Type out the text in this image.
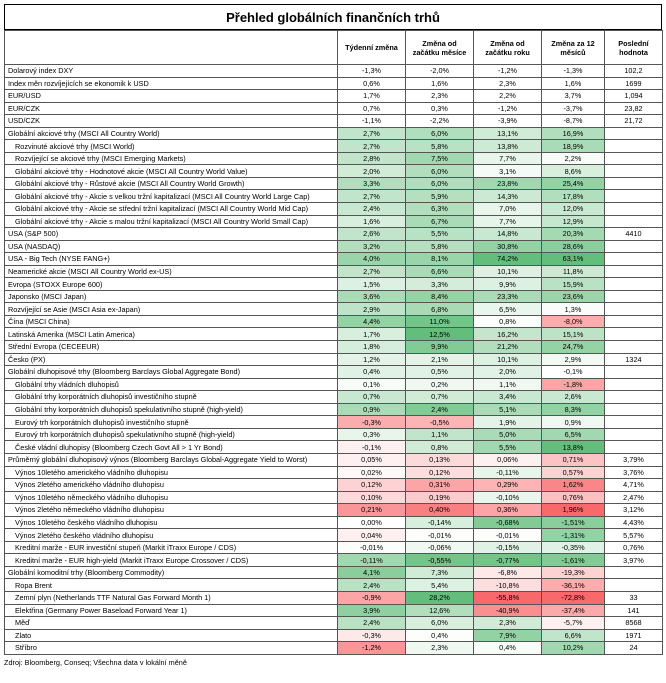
Přehled globálních finančních trhů
	Týdenní změna	Změna od začátku měsíce	Změna od začátku roku	Změna za 12 měsíců	Poslední hodnota
Dolarový index DXY	-1,3%	-2,0%	-1,2%	-1,3%	102,2
Index měn rozvíjejících se ekonomik k USD	0,6%	1,6%	2,3%	1,6%	1699
EUR/USD	1,7%	2,3%	2,2%	3,7%	1,094
EUR/CZK	0,7%	0,3%	-1,2%	-3,7%	23,82
USD/CZK	-1,1%	-2,2%	-3,9%	-8,7%	21,72
Globální akciové trhy (MSCI All Country World)	2,7%	6,0%	13,1%	16,9%	
Rozvinuté akciové trhy (MSCI World)	2,7%	5,8%	13,8%	18,9%	
Rozvíjející se akciové trhy (MSCI Emerging Markets)	2,8%	7,5%	7,7%	2,2%	
Globální akciové trhy - Hodnotové akcie (MSCI All Country World Value)	2,0%	6,0%	3,1%	8,6%	
Globální akciové trhy - Růstové akcie (MSCI All Country World Growth)	3,3%	6,0%	23,8%	25,4%	
Globální akciové trhy - Akcie s velkou tržní kapitalizací (MSCI All Country World Large Cap)	2,7%	5,9%	14,3%	17,8%	
Globální akciové trhy - Akcie se střední tržní kapitalizací (MSCI All Country World Mid Cap)	2,4%	6,3%	7,0%	12,0%	
Globální akciové trhy - Akcie s malou tržní kapitalizací (MSCI All Country World Small Cap)	1,6%	6,7%	7,7%	12,9%	
USA (S&P 500)	2,6%	5,5%	14,8%	20,3%	4410
USA (NASDAQ)	3,2%	5,8%	30,8%	28,6%	
USA - Big Tech (NYSE FANG+)	4,0%	8,1%	74,2%	63,1%	
Neamerické akcie (MSCI All Country World ex-US)	2,7%	6,6%	10,1%	11,8%	
Evropa (STOXX Europe 600)	1,5%	3,3%	9,9%	15,9%	
Japonsko (MSCI Japan)	3,6%	8,4%	23,3%	23,6%	
Rozvíjející se Asie (MSCI Asia ex-Japan)	2,9%	6,8%	6,5%	1,3%	
Čína (MSCI China)	4,4%	11,0%	0,8%	-8,0%	
Latinská Amerika (MSCI Latin America)	1,7%	12,5%	16,2%	15,1%	
Střední Evropa (CECEEUR)	1,8%	9,9%	21,2%	24,7%	
Česko (PX)	1,2%	2,1%	10,1%	2,9%	1324
Globální dluhopisové trhy (Bloomberg Barclays Global Aggregate Bond)	0,4%	0,5%	2,0%	-0,1%	
Globální trhy vládních dluhopisů	0,1%	0,2%	1,1%	-1,8%	
Globální trhy korporátních dluhopisů investičního stupně	0,7%	0,7%	3,4%	2,6%	
Globální trhy korporátních dluhopisů spekulativního stupně (high-yield)	0,9%	2,4%	5,1%	8,3%	
Eurový trh korporátních dluhopisů investičního stupně	-0,3%	-0,5%	1,9%	0,9%	
Eurový trh korporátních dluhopisů spekulativního stupně (high-yield)	0,3%	1,1%	5,0%	6,5%	
České vládní dluhopisy (Bloomberg Czech Govt All > 1 Yr Bond)	-0,1%	0,8%	5,5%	13,8%	
Průměrný globální dluhopisový výnos (Bloomberg Barclays Global-Aggregate Yield to Worst)	0,05%	0,13%	0,06%	0,71%	3,79%
Výnos 10letého amerického vládního dluhopisu	0,02%	0,12%	-0,11%	0,57%	3,76%
Výnos 2letého amerického vládního dluhopisu	0,12%	0,31%	0,29%	1,62%	4,71%
Výnos 10letého německého vládního dluhopisu	0,10%	0,19%	-0,10%	0,76%	2,47%
Výnos 2letého německého vládního dluhopisu	0,21%	0,40%	0,36%	1,96%	3,12%
Výnos 10letého českého vládního dluhopisu	0,00%	-0,14%	-0,68%	-1,51%	4,43%
Výnos 2letého českého vládního dluhopisu	0,04%	-0,01%	-0,01%	-1,31%	5,57%
Kreditní marže - EUR investiční stupeň (Markit iTraxx Europe / CDS)	-0,01%	-0,06%	-0,15%	-0,35%	0,76%
Kreditní marže - EUR high-yield (Markit iTraxx Europe Crossover / CDS)	-0,11%	-0,55%	-0,77%	-1,61%	3,97%
Globální komoditní trhy (Bloomberg Commodity)	4,1%	7,3%	-6,8%	-19,3%	
Ropa Brent	2,4%	5,4%	-10,8%	-36,1%	
Zemní plyn (Netherlands TTF Natural Gas Forward Month 1)	-0,9%	28,2%	-55,8%	-72,8%	33
Elektřina (Germany Power Baseload Forward Year 1)	3,9%	12,6%	-40,9%	-37,4%	141
Měď	2,4%	6,0%	2,3%	-5,7%	8568
Zlato	-0,3%	0,4%	7,9%	6,6%	1971
Stříbro	-1,2%	2,3%	0,4%	10,2%	24
Zdroj: Bloomberg, Conseq; Všechna data v lokální měně
